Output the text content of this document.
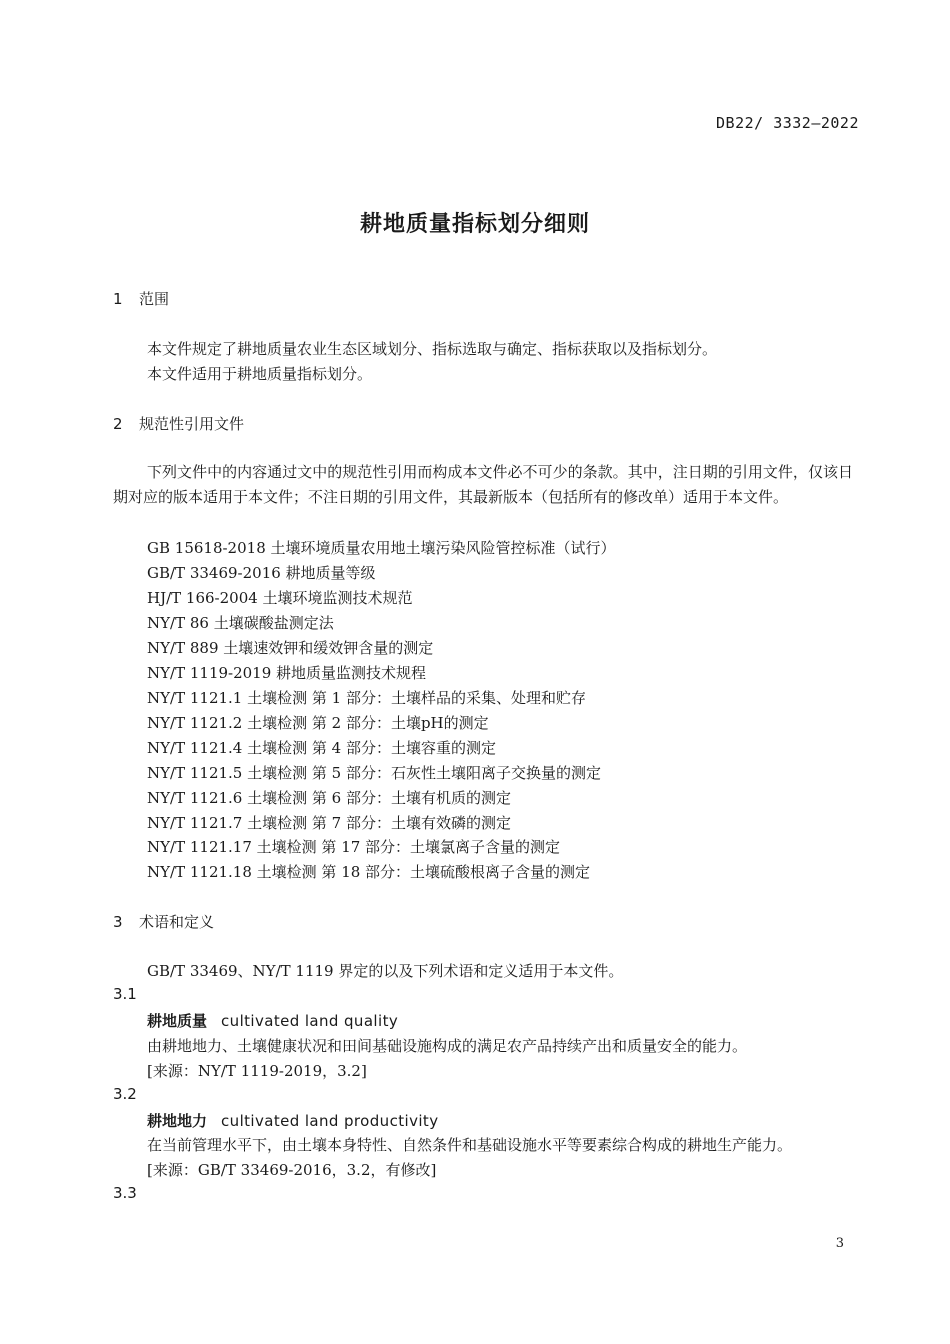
DB22/ 3332—2022
耕地质量指标划分细则
1 范围
本文件规定了耕地质量农业生态区域划分、指标选取与确定、指标获取以及指标划分。
本文件适用于耕地质量指标划分。
2 规范性引用文件
下列文件中的内容通过文中的规范性引用而构成本文件必不可少的条款。其中，注日期的引用文件，仅该日期对应的版本适用于本文件；不注日期的引用文件，其最新版本（包括所有的修改单）适用于本文件。
GB 15618-2018 土壤环境质量农用地土壤污染风险管控标准（试行）
GB/T 33469-2016 耕地质量等级
HJ/T 166-2004 土壤环境监测技术规范
NY/T 86 土壤碳酸盐测定法
NY/T 889 土壤速效钾和缓效钾含量的测定
NY/T 1119-2019 耕地质量监测技术规程
NY/T 1121.1 土壤检测 第 1 部分：土壤样品的采集、处理和贮存
NY/T 1121.2 土壤检测 第 2 部分：土壤pH的测定
NY/T 1121.4 土壤检测 第 4 部分：土壤容重的测定
NY/T 1121.5 土壤检测 第 5 部分：石灰性土壤阳离子交换量的测定
NY/T 1121.6 土壤检测 第 6 部分：土壤有机质的测定
NY/T 1121.7 土壤检测 第 7 部分：土壤有效磷的测定
NY/T 1121.17 土壤检测 第 17 部分：土壤氯离子含量的测定
NY/T 1121.18 土壤检测 第 18 部分：土壤硫酸根离子含量的测定
3 术语和定义
GB/T 33469、NY/T 1119 界定的以及下列术语和定义适用于本文件。
3.1
耕地质量 cultivated land quality
由耕地地力、土壤健康状况和田间基础设施构成的满足农产品持续产出和质量安全的能力。
[来源：NY/T 1119-2019，3.2]
3.2
耕地地力 cultivated land productivity
在当前管理水平下，由土壤本身特性、自然条件和基础设施水平等要素综合构成的耕地生产能力。
[来源：GB/T 33469-2016，3.2，有修改]
3.3
3
